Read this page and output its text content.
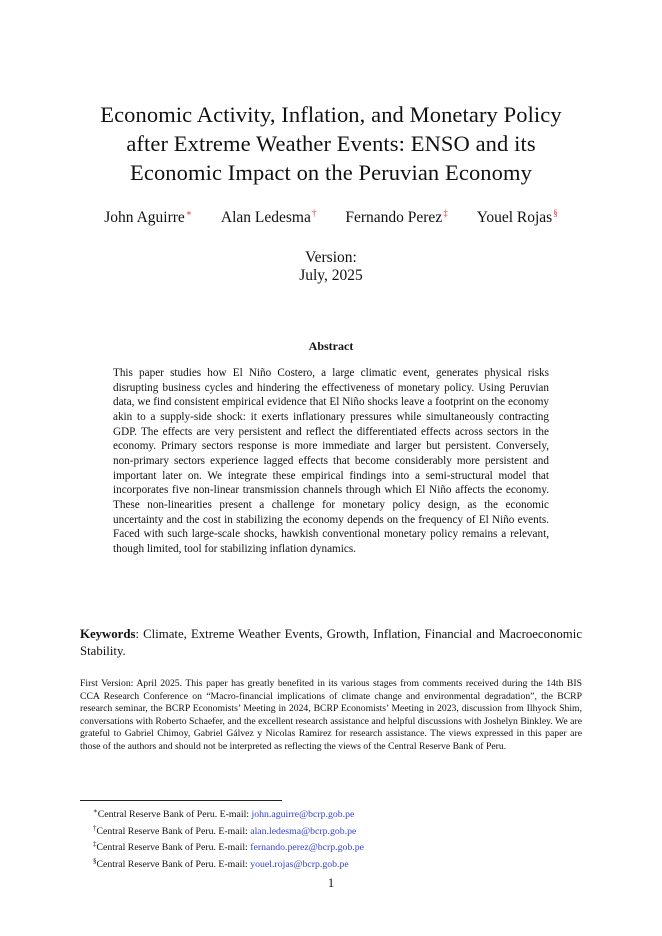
Economic Activity, Inflation, and Monetary Policy
after Extreme Weather Events: ENSO and its
Economic Impact on the Peruvian Economy
John Aguirre∗ Alan Ledesma† Fernando Perez‡ Youel Rojas§
Version:
July, 2025
Abstract
This paper studies how El Niño Costero, a large climatic event, generates physical risks disrupting business cycles and hindering the effectiveness of monetary policy. Using Peruvian data, we find consistent empirical evidence that El Niño shocks leave a footprint on the economy akin to a supply-side shock: it exerts inflationary pressures while simultaneously contracting GDP. The effects are very persistent and reflect the differentiated effects across sectors in the economy. Primary sectors response is more immediate and larger but persistent. Conversely, non-primary sectors experience lagged effects that become considerably more persistent and important later on. We integrate these empirical findings into a semi-structural model that incorporates five non-linear transmission channels through which El Niño affects the economy. These non-linearities present a challenge for monetary policy design, as the economic uncertainty and the cost in stabilizing the economy depends on the frequency of El Niño events. Faced with such large-scale shocks, hawkish conventional monetary policy remains a relevant, though limited, tool for stabilizing inflation dynamics.
Keywords: Climate, Extreme Weather Events, Growth, Inflation, Financial and Macroeconomic Stability.
First Version: April 2025. This paper has greatly benefited in its various stages from comments received during the 14th BIS CCA Research Conference on “Macro-financial implications of climate change and environmental degradation”, the BCRP research seminar, the BCRP Economists’ Meeting in 2024, BCRP Economists’ Meeting in 2023, discussion from Ilhyock Shim, conversations with Roberto Schaefer, and the excellent research assistance and helpful discussions with Joshelyn Binkley. We are grateful to Gabriel Chimoy, Gabriel Gálvez y Nicolas Ramirez for research assistance. The views expressed in this paper are those of the authors and should not be interpreted as reflecting the views of the Central Reserve Bank of Peru.
∗Central Reserve Bank of Peru. E-mail: john.aguirre@bcrp.gob.pe
†Central Reserve Bank of Peru. E-mail: alan.ledesma@bcrp.gob.pe
‡Central Reserve Bank of Peru. E-mail: fernando.perez@bcrp.gob.pe
§Central Reserve Bank of Peru. E-mail: youel.rojas@bcrp.gob.pe
1
